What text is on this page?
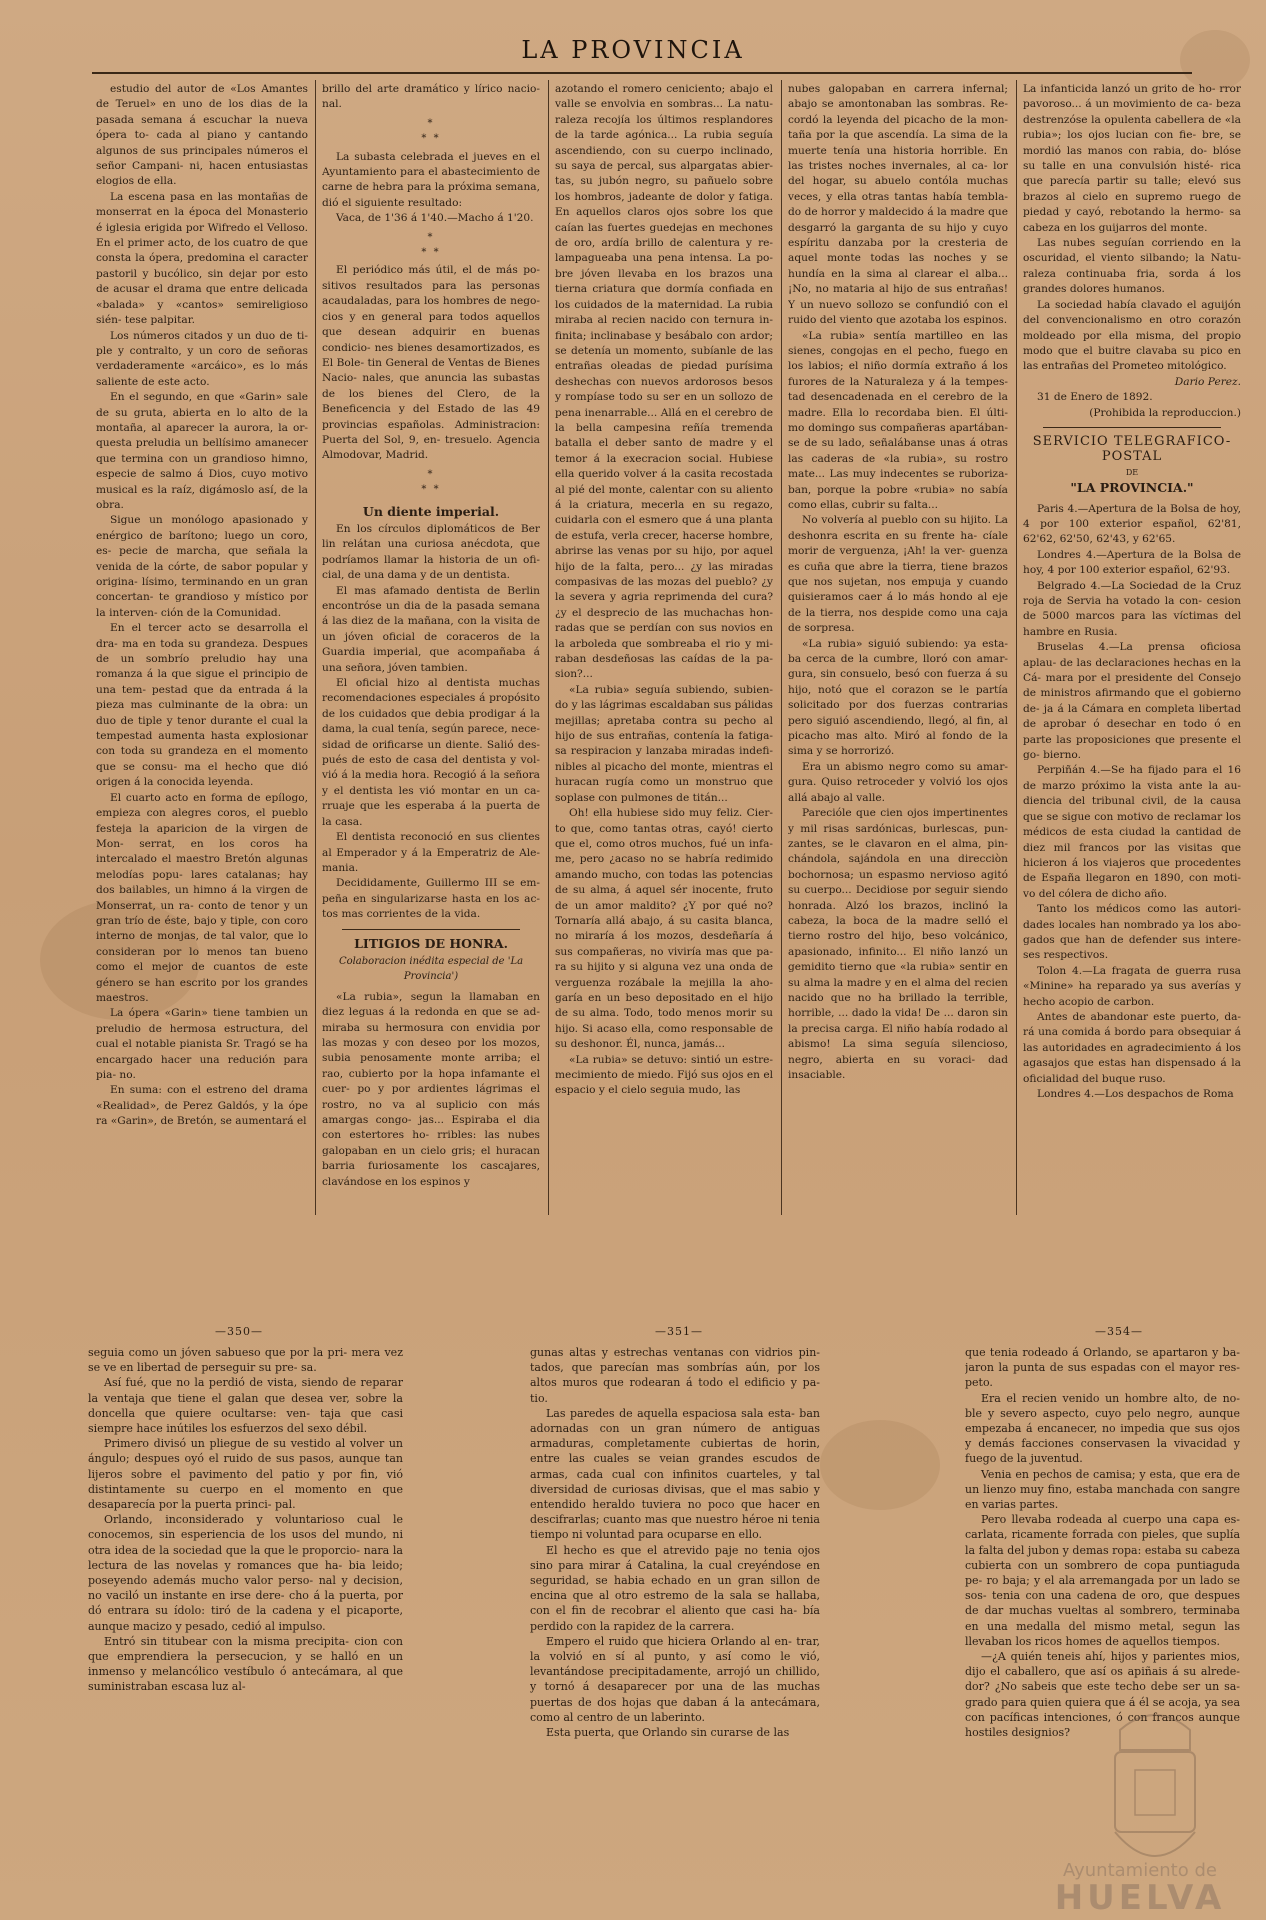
LA PROVINCIA

estudio del autor de «Los Amantes de Teruel» en uno de los dias de la pasada semana á escuchar la nueva ópera to- cada al piano y cantando algunos de sus principales números el señor Campani- ni, hacen entusiastas elogios de ella.

La escena pasa en las montañas de monserrat en la época del Monasterio é iglesia erigida por Wifredo el Velloso. En el primer acto, de los cuatro de que consta la ópera, predomina el caracter pastoril y bucólico, sin dejar por esto de acusar el drama que entre delicada «balada» y «cantos» semireligioso sién- tese palpitar.

Los números citados y un duo de ti- ple y contralto, y un coro de señoras verdaderamente «arcáico», es lo más saliente de este acto.

En el segundo, en que «Garin» sale de su gruta, abierta en lo alto de la montaña, al aparecer la aurora, la or- questa preludia un bellísimo amanecer que termina con un grandioso himno, especie de salmo á Dios, cuyo motivo musical es la raíz, digámoslo así, de la obra.

Sigue un monólogo apasionado y enérgico de barítono; luego un coro, es- pecie de marcha, que señala la venida de la córte, de sabor popular y origina- lísimo, terminando en un gran concertan- te grandioso y místico por la interven- ción de la Comunidad.

En el tercer acto se desarrolla el dra- ma en toda su grandeza. Despues de un sombrío preludio hay una romanza á la que sigue el principio de una tem- pestad que da entrada á la pieza mas culminante de la obra: un duo de tiple y tenor durante el cual la tempestad aumenta hasta explosionar con toda su grandeza en el momento que se consu- ma el hecho que dió origen á la conocida leyenda.

El cuarto acto en forma de epílogo, empieza con alegres coros, el pueblo festeja la aparicion de la virgen de Mon- serrat, en los coros ha intercalado el maestro Bretón algunas melodías popu- lares catalanas; hay dos bailables, un himno á la virgen de Monserrat, un ra- conto de tenor y un gran trío de éste, bajo y tiple, con coro interno de monjas, de tal valor, que lo consideran por lo menos tan bueno como el mejor de cuantos de este género se han escrito por los grandes maestros.

La ópera «Garin» tiene tambien un preludio de hermosa estructura, del cual el notable pianista Sr. Tragó se ha encargado hacer una redución para pia- no.

En suma: con el estreno del drama «Realidad», de Perez Galdós, y la ópe ra «Garin», de Bretón, se aumentará el

brillo del arte dramático y lírico nacio- nal.

*
* *

La subasta celebrada el jueves en el Ayuntamiento para el abastecimiento de carne de hebra para la próxima semana, dió el siguiente resultado:

Vaca, de 1'36 á 1'40.—Macho á 1'20.

*
* *

El periódico más útil, el de más po- sitivos resultados para las personas acaudaladas, para los hombres de nego- cios y en general para todos aquellos que desean adquirir en buenas condicio- nes bienes desamortizados, es El Bole- tin General de Ventas de Bienes Nacio- nales, que anuncia las subastas de los bienes del Clero, de la Beneficencia y del Estado de las 49 provincias españolas. Administracion: Puerta del Sol, 9, en- tresuelo. Agencia Almodovar, Madrid.

*
* *
Un diente imperial.

En los círculos diplomáticos de Ber lin relátan una curiosa anécdota, que podríamos llamar la historia de un ofi- cial, de una dama y de un dentista.

El mas afamado dentista de Berlin encontróse un dia de la pasada semana á las diez de la mañana, con la visita de un jóven oficial de coraceros de la Guardia imperial, que acompañaba á una señora, jóven tambien.

El oficial hizo al dentista muchas recomendaciones especiales á propósito de los cuidados que debia prodigar á la dama, la cual tenía, según parece, nece- sidad de orificarse un diente. Salió des- pués de esto de casa del dentista y vol- vió á la media hora. Recogió á la señora y el dentista les vió montar en un ca- rruaje que les esperaba á la puerta de la casa.

El dentista reconoció en sus clientes al Emperador y á la Emperatriz de Ale- mania.

Decididamente, Guillermo III se em- peña en singularizarse hasta en los ac- tos mas corrientes de la vida.

LITIGIOS DE HONRA.
Colaboracion inédita especial de 'La Provincia')

«La rubia», segun la llamaban en diez leguas á la redonda en que se ad- miraba su hermosura con envidia por las mozas y con deseo por los mozos, subia penosamente monte arriba; el rao, cubierto por la hopa infamante el cuer- po y por ardientes lágrimas el rostro, no va al suplicio con más amargas congo- jas... Espiraba el dia con estertores ho- rribles: las nubes galopaban en un cielo gris; el huracan barria furiosamente los cascajares, clavándose en los espinos y

azotando el romero ceniciento; abajo el valle se envolvia en sombras... La natu- raleza recojía los últimos resplandores de la tarde agónica... La rubia seguía ascendiendo, con su cuerpo inclinado, su saya de percal, sus alpargatas abier- tas, su jubón negro, su pañuelo sobre los hombros, jadeante de dolor y fatiga. En aquellos claros ojos sobre los que caían las fuertes guedejas en mechones de oro, ardía brillo de calentura y re- lampagueaba una pena intensa. La po- bre jóven llevaba en los brazos una tierna criatura que dormía confiada en los cuidados de la maternidad. La rubia miraba al recien nacido con ternura in- finita; inclinabase y besábalo con ardor; se detenía un momento, subíanle de las entrañas oleadas de piedad purísima deshechas con nuevos ardorosos besos y rompíase todo su ser en un sollozo de pena inenarrable... Allá en el cerebro de la bella campesina reñía tremenda batalla el deber santo de madre y el temor á la execracion social. Hubiese ella querido volver á la casita recostada al pié del monte, calentar con su aliento á la criatura, mecerla en su regazo, cuidarla con el esmero que á una planta de estufa, verla crecer, hacerse hombre, abrirse las venas por su hijo, por aquel hijo de la falta, pero... ¿y las miradas compasivas de las mozas del pueblo? ¿y la severa y agria reprimenda del cura? ¿y el desprecio de las muchachas hon- radas que se perdían con sus novios en la arboleda que sombreaba el rio y mi- raban desdeñosas las caídas de la pa- sion?...

«La rubia» seguía subiendo, subien- do y las lágrimas escaldaban sus pálidas mejillas; apretaba contra su pecho al hijo de sus entrañas, contenía la fatiga- sa respiracion y lanzaba miradas indefi- nibles al picacho del monte, mientras el huracan rugía como un monstruo que soplase con pulmones de titán...

Oh! ella hubiese sido muy feliz. Cier- to que, como tantas otras, cayó! cierto que el, como otros muchos, fué un infa- me, pero ¿acaso no se habría redimido amando mucho, con todas las potencias de su alma, á aquel sér inocente, fruto de un amor maldito? ¿Y por qué no? Tornaría allá abajo, á su casita blanca, no miraría á los mozos, desdeñaría á sus compañeras, no viviría mas que pa- ra su hijito y si alguna vez una onda de verguenza rozábale la mejilla la aho- garía en un beso depositado en el hijo de su alma. Todo, todo menos morir su hijo. Si acaso ella, como responsable de su deshonor. Él, nunca, jamás...

«La rubia» se detuvo: sintió un estre- mecimiento de miedo. Fijó sus ojos en el espacio y el cielo seguia mudo, las

nubes galopaban en carrera infernal; abajo se amontonaban las sombras. Re- cordó la leyenda del picacho de la mon- taña por la que ascendía. La sima de la muerte tenía una historia horrible. En las tristes noches invernales, al ca- lor del hogar, su abuelo contóla muchas veces, y ella otras tantas había tembla- do de horror y maldecido á la madre que desgarró la garganta de su hijo y cuyo espíritu danzaba por la cresteria de aquel monte todas las noches y se hundía en la sima al clarear el alba... ¡No, no mataria al hijo de sus entrañas! Y un nuevo sollozo se confundió con el ruido del viento que azotaba los espinos.

«La rubia» sentía martilleo en las sienes, congojas en el pecho, fuego en los labios; el niño dormía extraño á los furores de la Naturaleza y á la tempes- tad desencadenada en el cerebro de la madre. Ella lo recordaba bien. El últi- mo domingo sus compañeras apartában- se de su lado, señalábanse unas á otras las caderas de «la rubia», su rostro mate... Las muy indecentes se ruboriza- ban, porque la pobre «rubia» no sabía como ellas, cubrir su falta...

No volvería al pueblo con su hijito. La deshonra escrita en su frente ha- cíale morir de verguenza, ¡Ah! la ver- guenza es cuña que abre la tierra, tiene brazos que nos sujetan, nos empuja y cuando quisieramos caer á lo más hondo al eje de la tierra, nos despide como una caja de sorpresa.

«La rubia» siguió subiendo: ya esta- ba cerca de la cumbre, lloró con amar- gura, sin consuelo, besó con fuerza á su hijo, notó que el corazon se le partía solicitado por dos fuerzas contrarias pero siguió ascendiendo, llegó, al fin, al picacho mas alto. Miró al fondo de la sima y se horrorizó.

Era un abismo negro como su amar- gura. Quiso retroceder y volvió los ojos allá abajo al valle.

Parecióle que cien ojos impertinentes y mil risas sardónicas, burlescas, pun- zantes, se le clavaron en el alma, pin- chándola, sajándola en una direcciòn bochornosa; un espasmo nervioso agitó su cuerpo... Decidiose por seguir siendo honrada. Alzó los brazos, inclinó la cabeza, la boca de la madre selló el tierno rostro del hijo, beso volcánico, apasionado, infinito... El niño lanzó un gemidito tierno que «la rubia» sentir en su alma la madre y en el alma del recien nacido que no ha brillado la terrible, horrible, ... dado la vida! De ... daron sin la precisa carga. El niño había rodado al abismo! La sima seguía silencioso, negro, abierta en su voraci- dad insaciable.

La infanticida lanzó un grito de ho- rror pavoroso... á un movimiento de ca- beza destrenzóse la opulenta cabellera de «la rubia»; los ojos lucian con fie- bre, se mordió las manos con rabia, do- blóse su talle en una convulsión histé- rica que parecía partir su talle; elevó sus brazos al cielo en supremo ruego de piedad y cayó, rebotando la hermo- sa cabeza en los guijarros del monte.

Las nubes seguían corriendo en la oscuridad, el viento silbando; la Natu- raleza continuaba fria, sorda á los grandes dolores humanos.

La sociedad había clavado el aguijón del convencionalismo en otro corazón moldeado por ella misma, del propio modo que el buitre clavaba su pico en las entrañas del Prometeo mitológico.

Dario Perez.

31 de Enero de 1892.

(Prohibida la reproduccion.)
SERVICIO TELEGRAFICO-POSTAL
DE
"LA PROVINCIA."

Paris 4.—Apertura de la Bolsa de hoy, 4 por 100 exterior español, 62'81, 62'62, 62'50, 62'43, y 62'65.

Londres 4.—Apertura de la Bolsa de hoy, 4 por 100 exterior español, 62'93.

Belgrado 4.—La Sociedad de la Cruz roja de Servia ha votado la con- cesion de 5000 marcos para las víctimas del hambre en Rusia.

Bruselas 4.—La prensa oficiosa aplau- de las declaraciones hechas en la Cá- mara por el presidente del Consejo de ministros afirmando que el gobierno de- ja á la Cámara en completa libertad de aprobar ó desechar en todo ó en parte las proposiciones que presente el go- bierno.

Perpiñán 4.—Se ha fijado para el 16 de marzo próximo la vista ante la au- diencia del tribunal civil, de la causa que se sigue con motivo de reclamar los médicos de esta ciudad la cantidad de diez mil francos por las visitas que hicieron á los viajeros que procedentes de España llegaron en 1890, con moti- vo del cólera de dicho año.

Tanto los médicos como las autori- dades locales han nombrado ya los abo- gados que han de defender sus intere- ses respectivos.

Tolon 4.—La fragata de guerra rusa «Minine» ha reparado ya sus averías y hecho acopio de carbon.

Antes de abandonar este puerto, da- rá una comida á bordo para obsequiar á las autoridades en agradecimiento á los agasajos que estas han dispensado á la oficialidad del buque ruso.

Londres 4.—Los despachos de Roma

—350—	—351—	—354—

seguia como un jóven sabueso que por la pri- mera vez se ve en libertad de perseguir su pre- sa.

Así fué, que no la perdió de vista, siendo de reparar la ventaja que tiene el galan que desea ver, sobre la doncella que quiere ocultarse: ven- taja que casi siempre hace inútiles los esfuerzos del sexo débil.

Primero divisó un pliegue de su vestido al volver un ángulo; despues oyó el ruido de sus pasos, aunque tan lijeros sobre el pavimento del patio y por fin, vió distintamente su cuerpo en el momento en que desaparecía por la puerta princi- pal.

Orlando, inconsiderado y voluntarioso cual le conocemos, sin esperiencia de los usos del mundo, ni otra idea de la sociedad que la que le proporcio- nara la lectura de las novelas y romances que ha- bia leido; poseyendo además mucho valor perso- nal y decision, no vaciló un instante en irse derе- cho á la puerta, por dó entrara su ídolo: tiró de la cadena y el picaporte, aunque macizo y pesado, cedió al impulso.

Entró sin titubear con la misma precipita- cion con que emprendiera la persecucion, y se halló en un inmenso y melancólico vestíbulo ó antecámara, al que suministraban escasa luz al-

gunas altas y estrechas ventanas con vidrios pin- tados, que parecían mas sombrías aún, por los altos muros que rodearan á todo el edificio y pa- tio.

Las paredes de aquella espaciosa sala esta- ban adornadas con un gran número de antiguas armaduras, completamente cubiertas de horin, entre las cuales se veian grandes escudos de armas, cada cual con infinitos cuarteles, y tal diversidad de curiosas divisas, que el mas sabio y entendido heraldo tuviera no poco que hacer en descifrarlas; cuanto mas que nuestro héroe ni tenia tiempo ni voluntad para ocuparse en ello.

El hecho es que el atrevido paje no tenia ojos sino para mirar á Catalina, la cual creyéndose en seguridad, se habia echado en un gran sillon de encina que al otro estremo de la sala se hallaba, con el fin de recobrar el aliento que casi ha- bía perdido con la rapidez de la carrera.

Empero el ruido que hiciera Orlando al en- trar, la volvió en sí al punto, y así como le vió, levantándose precipitadamente, arrojó un chillido, y tornó á desaparecer por una de las muchas puertas de dos hojas que daban á la antecámara, como al centro de un laberinto.

Esta puerta, que Orlando sin curarse de las

que tenia rodeado á Orlando, se apartaron y ba- jaron la punta de sus espadas con el mayor res- peto.

Era el recien venido un hombre alto, de no- ble y severo aspecto, cuyo pelo negro, aunque empezaba á encanecer, no impedia que sus ojos y demás facciones conservasen la vivacidad y fuego de la juventud.

Venia en pechos de camisa; y esta, que era de un lienzo muy fino, estaba manchada con sangre en varias partes.

Pero llevaba rodeada al cuerpo una capa es- carlata, ricamente forrada con pieles, que suplía la falta del jubon y demas ropa: estaba su cabeza cubierta con un sombrero de copa puntiaguda pe- ro baja; y el ala arremangada por un lado se sos- tenia con una cadena de oro, que despues de dar muchas vueltas al sombrero, terminaba en una medalla del mismo metal, segun las llevaban los ricos homes de aquellos tiempos.

—¿A quién teneis ahí, hijos y parientes mios, dijo el caballero, que así os apiñais á su alrede- dor? ¿No sabeis que este techo debe ser un sa- grado para quien quiera que á él se acoja, ya sea con pacíficas intenciones, ó con francos aunque hostiles designios?

Ayuntamiento de
HUELVA
